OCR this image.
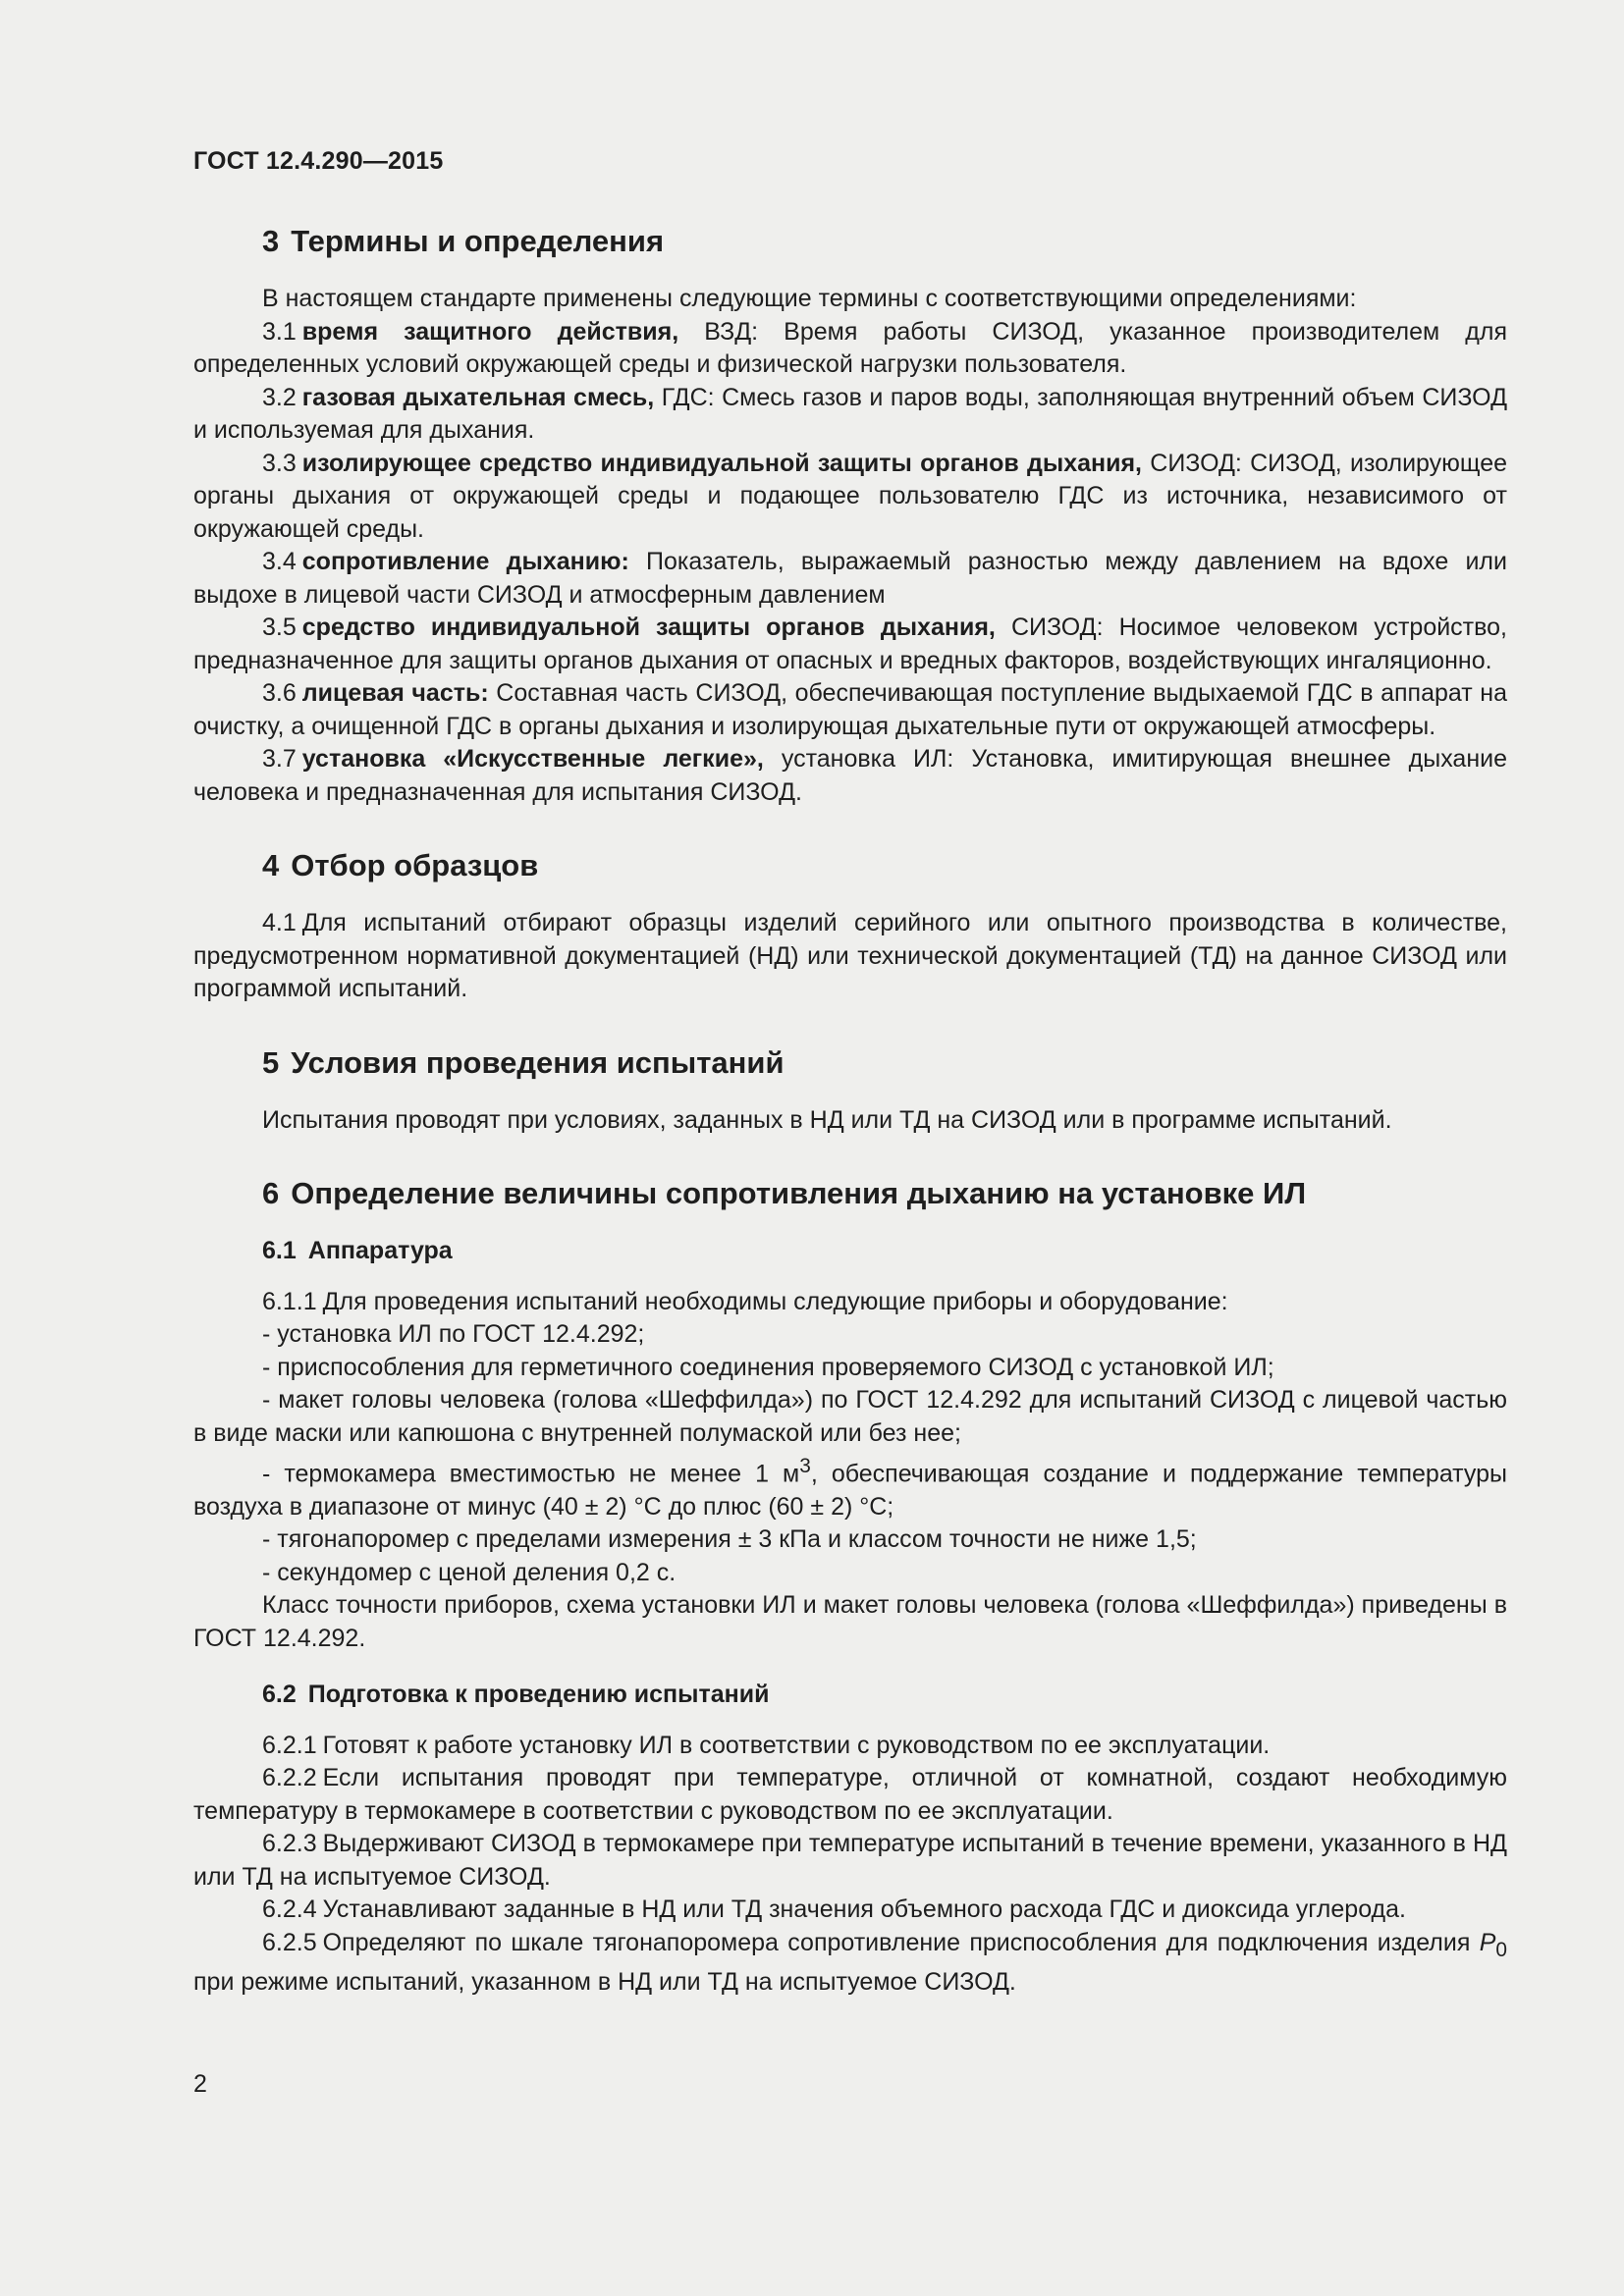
ГОСТ 12.4.290—2015
3 Термины и определения

В настоящем стандарте применены следующие термины с соответствующими определениями:

3.1 время защитного действия, ВЗД: Время работы СИЗОД, указанное производителем для определенных условий окружающей среды и физической нагрузки пользователя.

3.2 газовая дыхательная смесь, ГДС: Смесь газов и паров воды, заполняющая внутренний объем СИЗОД и используемая для дыхания.

3.3 изолирующее средство индивидуальной защиты органов дыхания, СИЗОД: СИЗОД, изолирующее органы дыхания от окружающей среды и подающее пользователю ГДС из источника, независимого от окружающей среды.

3.4 сопротивление дыханию: Показатель, выражаемый разностью между давлением на вдохе или выдохе в лицевой части СИЗОД и атмосферным давлением

3.5 средство индивидуальной защиты органов дыхания, СИЗОД: Носимое человеком устройство, предназначенное для защиты органов дыхания от опасных и вредных факторов, воздействующих ингаляционно.

3.6 лицевая часть: Составная часть СИЗОД, обеспечивающая поступление выдыхаемой ГДС в аппарат на очистку, а очищенной ГДС в органы дыхания и изолирующая дыхательные пути от окружающей атмосферы.

3.7 установка «Искусственные легкие», установка ИЛ: Установка, имитирующая внешнее дыхание человека и предназначенная для испытания СИЗОД.

4 Отбор образцов

4.1 Для испытаний отбирают образцы изделий серийного или опытного производства в количестве, предусмотренном нормативной документацией (НД) или технической документацией (ТД) на данное СИЗОД или программой испытаний.

5 Условия проведения испытаний

Испытания проводят при условиях, заданных в НД или ТД на СИЗОД или в программе испытаний.

6 Определение величины сопротивления дыханию на установке ИЛ
6.1 Аппаратура

6.1.1 Для проведения испытаний необходимы следующие приборы и оборудование:

- установка ИЛ по ГОСТ 12.4.292;

- приспособления для герметичного соединения проверяемого СИЗОД с установкой ИЛ;

- макет головы человека (голова «Шеффилда») по ГОСТ 12.4.292 для испытаний СИЗОД с лицевой частью в виде маски или капюшона с внутренней полумаской или без нее;

- термокамера вместимостью не менее 1 $м^3$, обеспечивающая создание и поддержание температуры воздуха в диапазоне от минус (40 ± 2) °С до плюс (60 ± 2) °С;

- тягонапоромер с пределами измерения ± 3 кПа и классом точности не ниже 1,5;

- секундомер с ценой деления 0,2 с.

Класс точности приборов, схема установки ИЛ и макет головы человека (голова «Шеффилда») приведены в ГОСТ 12.4.292.

6.2 Подготовка к проведению испытаний

6.2.1 Готовят к работе установку ИЛ в соответствии с руководством по ее эксплуатации.

6.2.2 Если испытания проводят при температуре, отличной от комнатной, создают необходимую температуру в термокамере в соответствии с руководством по ее эксплуатации.

6.2.3 Выдерживают СИЗОД в термокамере при температуре испытаний в течение времени, указанного в НД или ТД на испытуемое СИЗОД.

6.2.4 Устанавливают заданные в НД или ТД значения объемного расхода ГДС и диоксида углерода.

6.2.5 Определяют по шкале тягонапоромера сопротивление приспособления для подключения изделия $P_0$ при режиме испытаний, указанном в НД или ТД на испытуемое СИЗОД.

2
